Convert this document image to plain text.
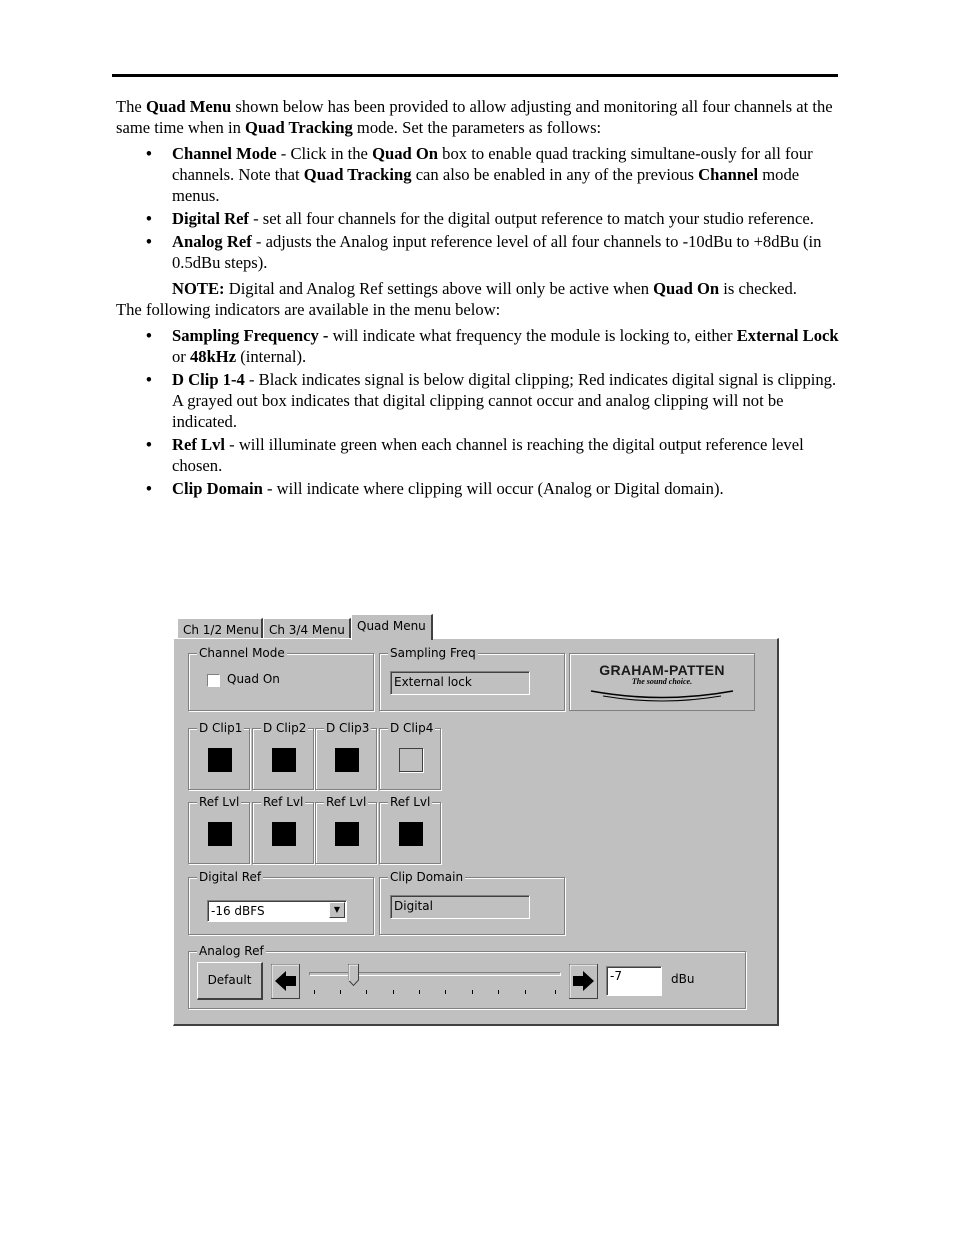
The Quad Menu shown below has been provided to allow adjusting and monitoring all four channels at the same time when in Quad Tracking mode. Set the parameters as follows:

• Channel Mode - Click in the Quad On box to enable quad tracking simultane-ously for all four channels. Note that Quad Tracking can also be enabled in any of the previous Channel mode menus.
• Digital Ref - set all four channels for the digital output reference to match your studio reference.
• Analog Ref - adjusts the Analog input reference level of all four channels to -10dBu to +8dBu (in 0.5dBu steps).

NOTE: Digital and Analog Ref settings above will only be active when Quad On is checked.

The following indicators are available in the menu below:

• Sampling Frequency - will indicate what frequency the module is locking to, either External Lock or 48kHz (internal).
• D Clip 1-4 - Black indicates signal is below digital clipping; Red indicates digital signal is clipping. A grayed out box indicates that digital clipping cannot occur and analog clipping will not be indicated.
• Ref Lvl - will illuminate green when each channel is reaching the digital output reference level chosen.
• Clip Domain - will indicate where clipping will occur (Analog or Digital domain).
Ch 1/2 Menu Ch 3/4 Menu	Quad Menu
Channel Mode
Quad On
Sampling Freq
External lock
GRAHAM-PATTEN
The sound choice.
D Clip1 D Clip2 D Clip3 D Clip4
Ref Lvl Ref Lvl Ref Lvl Ref Lvl
Digital Ref
-16 dBFS	▼
Clip Domain
Digital
Analog Ref
Default	-7	dBu
